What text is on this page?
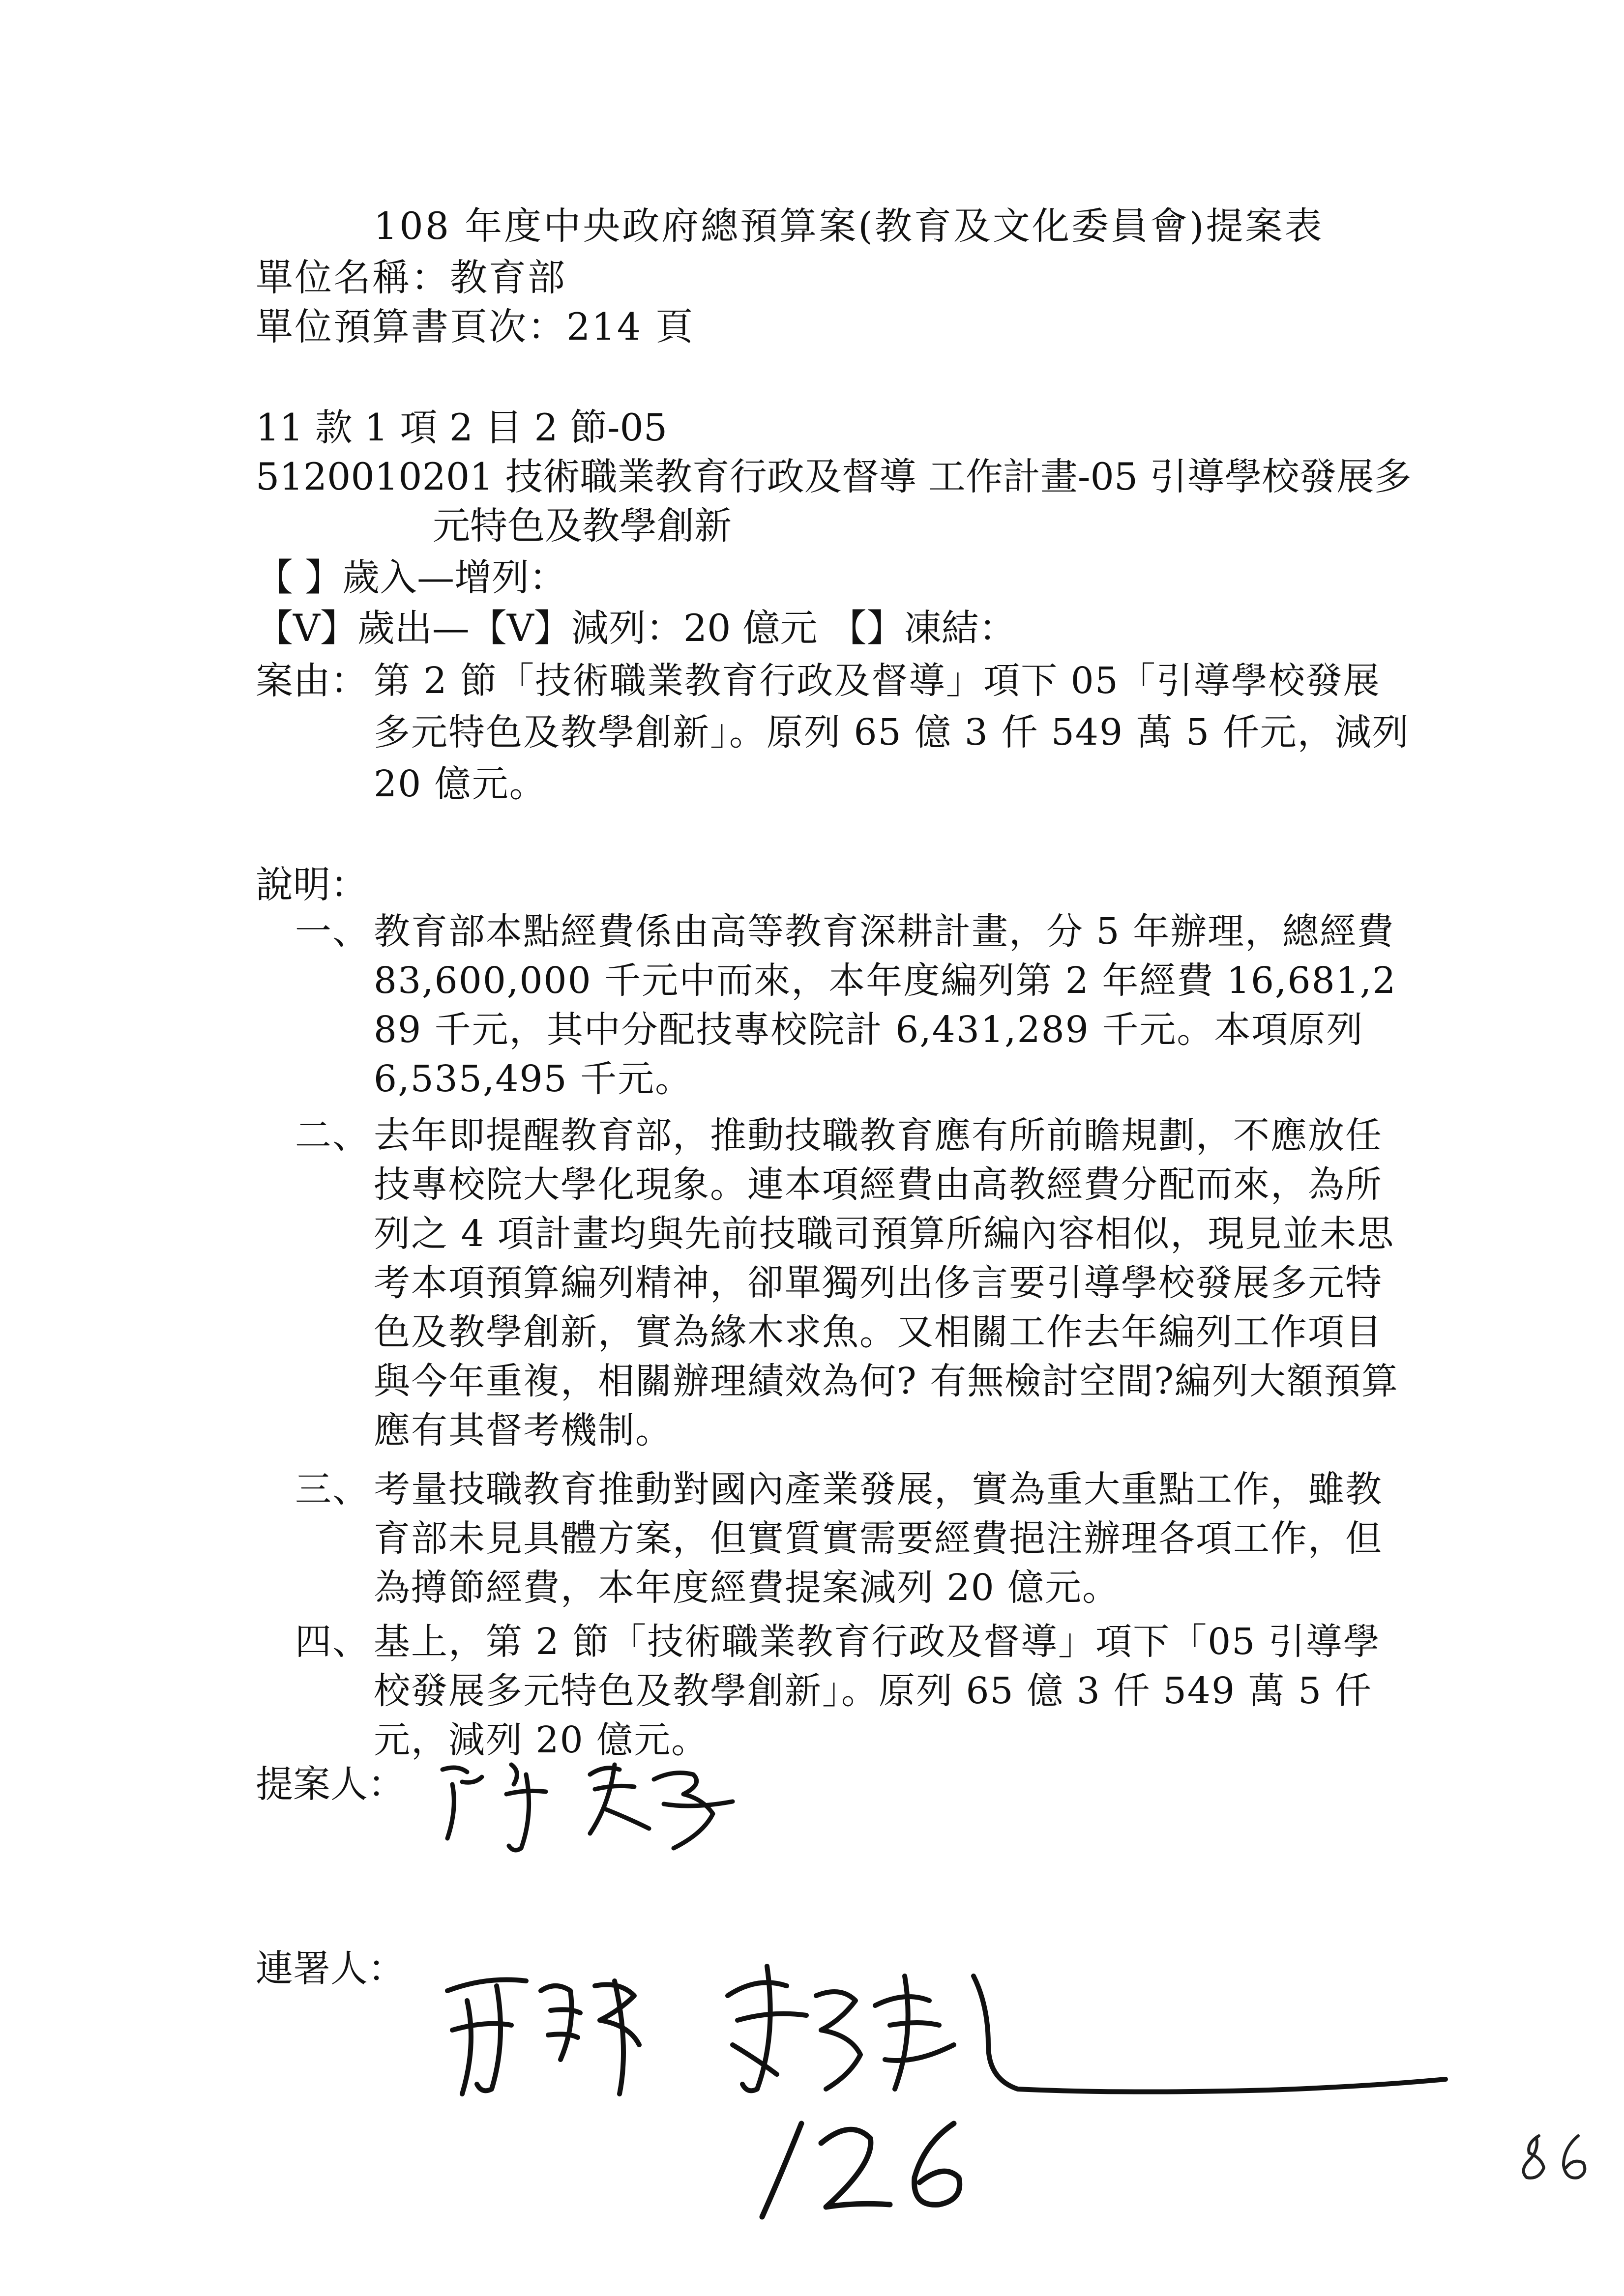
108 年度中央政府總預算案(教育及文化委員會)提案表
單位名稱：教育部
單位預算書頁次：214 頁
11 款 1 項 2 目 2 節-05
5120010201 技術職業教育行政及督導 工作計畫-05 引導學校發展多
元特色及教學創新
【 】歲入—增列：
【V】歲出—【V】減列：20 億元 【】凍結：
案由： 第 2 節「技術職業教育行政及督導」項下 05「引導學校發展
多元特色及教學創新」。原列 65 億 3 仟 549 萬 5 仟元，減列
20 億元。
說明：
一、 教育部本點經費係由高等教育深耕計畫，分 5 年辦理，總經費 83,600,000 千元中而來，本年度編列第 2 年經費 16,681,289 千元，其中分配技專校院計 6,431,289 千元。本項原列 6,535,495 千元。
二、 去年即提醒教育部，推動技職教育應有所前瞻規劃，不應放任技專校院大學化現象。連本項經費由高教經費分配而來，為所列之 4 項計畫均與先前技職司預算所編內容相似，現見並未思考本項預算編列精神，卻單獨列出侈言要引導學校發展多元特色及教學創新，實為緣木求魚。又相關工作去年編列工作項目與今年重複，相關辦理績效為何? 有無檢討空間?編列大額預算應有其督考機制。
三、 考量技職教育推動對國內產業發展，實為重大重點工作，雖教育部未見具體方案，但實質實需要經費挹注辦理各項工作，但為撙節經費，本年度經費提案減列 20 億元。
四、 基上，第 2 節「技術職業教育行政及督導」項下「05 引導學校發展多元特色及教學創新」。原列 65 億 3 仟 549 萬 5 仟元，減列 20 億元。
提案人：
連署人：
